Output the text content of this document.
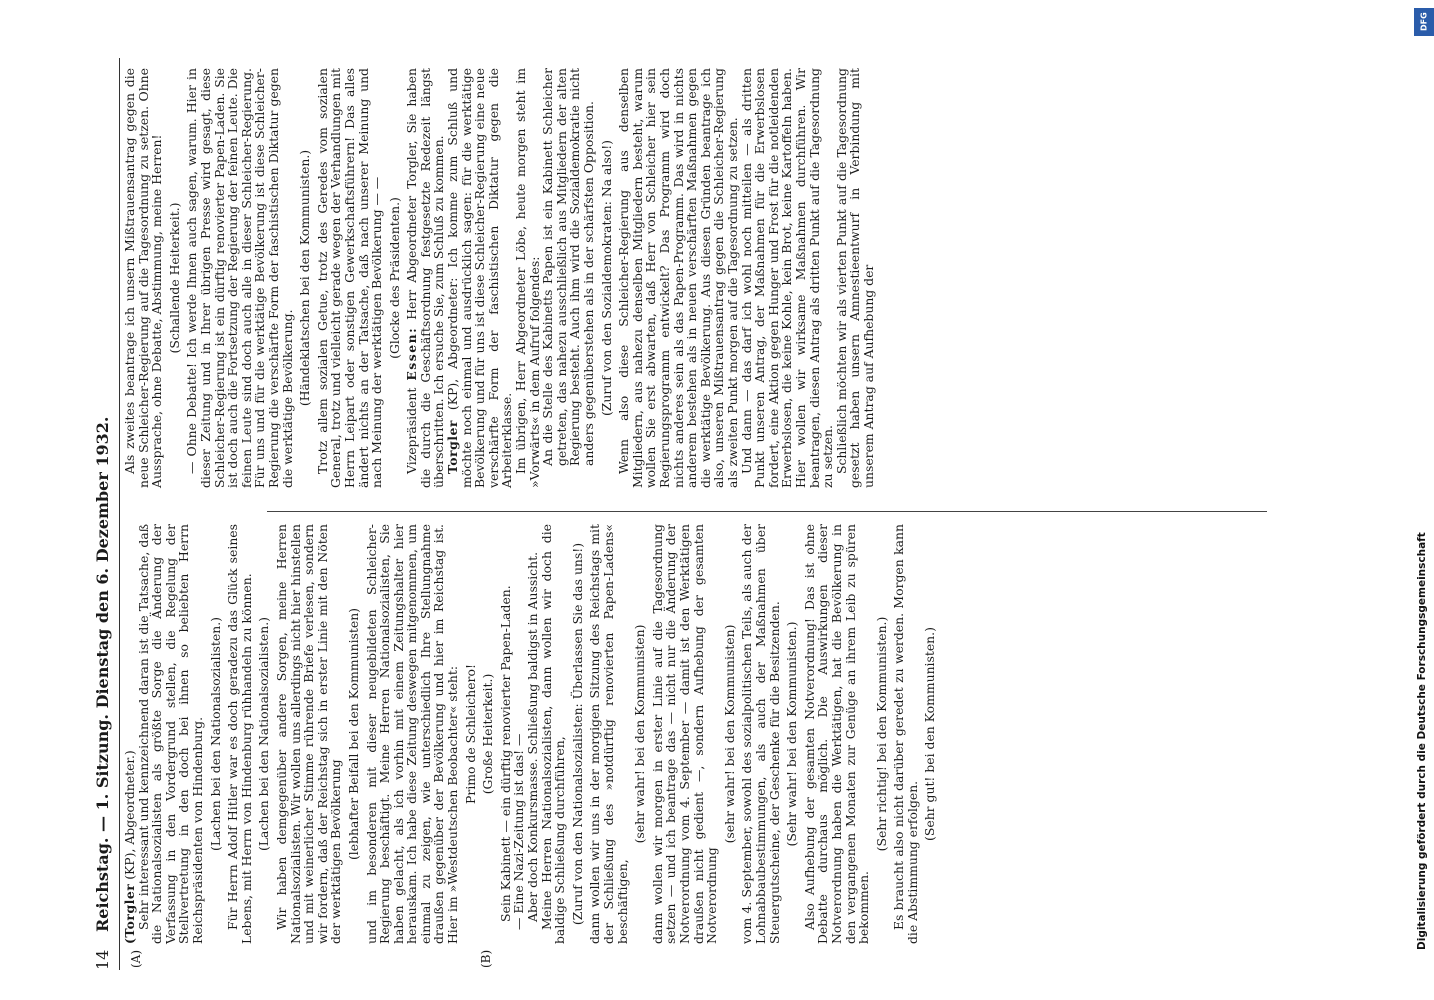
14
Reichstag. — 1. Sitzung. Dienstag den 6. Dezember 1932. (Torgler (KP), Abgeordneter.)

Sehr interessant und kennzeichnend daran ist die Tatsache, daß die Nationalsozialisten als größte Sorge die Änderung der Verfassung in den Vordergrund stellen, die Regelung der Stellvertretung in den doch bei ihnen so beliebten Herrn Reichspräsidenten von Hindenburg. (Lachen bei den Nationalsozialisten.) Für Herrn Adolf Hitler war es doch geradezu das Glück seines Lebens, mit Herrn von Hindenburg rühhandeln zu können. (Lachen bei den Nationalsozialisten.) Wir haben demgegenüber andere Sorgen, meine Herren Nationalsozialisten. Wir wollen uns allerdings nicht hier hinstellen und mit weinerlicher Stimme rührende Briefe verlesen, sondern wir fordern, daß der Reichstag sich in erster Linie mit den Nöten der werktätigen Bevölkerung (lebhafter Beifall bei den Kommunisten) und im besonderen mit dieser neugebildeten Schleicher-Regierung beschäftigt. Meine Herren Nationalsozialisten, Sie haben gelacht, als ich vorhin mit einem Zeitungshalter hier herauskam. Ich habe diese Zeitung deswegen mitgenommen, um einmal zu zeigen, wie unterschiedlich Ihre Stellungnahme draußen gegenüber der Bevölkerung und hier im Reichstag ist. Hier im »Westdeutschen Beobachter« steht: Primo de Schleichero! (Große Heiterkeit.) Sein Kabinett — ein dürftig renovierter Papen-Laden.

— Eine Nazi-Zeitung ist das! —

Aber doch Konkursmasse. Schließung baldigst in Aussicht.

Meine Herren Nationalsozialisten, dann wollen wir doch die baldige Schließung durchführen, (Zuruf von den Nationalsozialisten: Überlassen Sie das uns!) dann wollen wir uns in der morgigen Sitzung des Reichstags mit der Schließung des »notdürftig renovierten Papen-Ladens« beschäftigen,

(sehr wahr! bei den Kommunisten) dann wollen wir morgen in erster Linie auf die Tagesordnung setzen — und ich beantrage das — nicht nur die Änderung der Notverordnung vom 4. September — damit ist den Werktätigen draußen nicht gedient —, sondern Aufhebung der gesamten Notverordnung

(sehr wahr! bei den Kommunisten) vom 4. September, sowohl des sozialpolitischen Teils, als auch der Lohnabbaubestimmungen, als auch der Maßnahmen über Steuergutscheine, der Geschenke für die Besitzenden. (Sehr wahr! bei den Kommunisten.) Also Aufhebung der gesamten Notverordnung! Das ist ohne Debatte durchaus möglich. Die Auswirkungen dieser Notverordnung haben die Werktätigen, hat die Bevölkerung in den vergangenen Monaten zur Genüge an ihrem Leib zu spüren bekommen.

(Sehr richtig! bei den Kommunisten.) Es braucht also nicht darüber geredet zu werden. Morgen kann die Abstimmung erfolgen.

(Sehr gut! bei den Kommunisten.)

Als zweites beantrage ich unsern Mißtrauensantrag gegen die neue Schleicher-Regierung auf die Tagesordnung zu setzen. Ohne Aussprache, ohne Debatte, Abstimmung, meine Herren! (Schallende Heiterkeit.) — Ohne Debatte! Ich werde Ihnen auch sagen, warum. Hier in dieser Zeitung und in Ihrer übrigen Presse wird gesagt, diese Schleicher-Regierung ist ein dürftig renovierter Papen-Laden. Sie ist doch auch die Fortsetzung der Regierung der feinen Leute. Die feinen Leute sind doch auch alle in dieser Schleicher-Regierung. Für uns und für die werktätige Bevölkerung ist diese Schleicher-Regierung die verschärfte Form der faschistischen Diktatur gegen die werktätige Bevölkerung. (Händeklatschen bei den Kommunisten.) Trotz allem sozialen Getue, trotz des Geredes vom sozialen General, trotz und vielleicht gerade wegen der Verhandlungen mit Herrn Leipart oder sonstigen Gewerkschaftsführern! Das alles ändert nichts an der Tatsache, daß nach unserer Meinung und nach Meinung der werktätigen Bevölkerung — — (Glocke des Präsidenten.)

Vizepräsident Essen: Herr Abgeordneter Torgler, Sie haben die durch die Geschäftsordnung festgesetzte Redezeit längst überschritten. Ich ersuche Sie, zum Schluß zu kommen.

Torgler (KP), Abgeordneter: Ich komme zum Schluß und möchte noch einmal und ausdrücklich sagen: für die werktätige Bevölkerung und für uns ist diese Schleicher-Regierung eine neue verschärfte Form der faschistischen Diktatur gegen die Arbeiterklasse.

Im übrigen, Herr Abgeordneter Löbe, heute morgen steht im »Vorwärts« in dem Aufruf folgendes:

An die Stelle des Kabinetts Papen ist ein Kabinett Schleicher getreten, das nahezu ausschließlich aus Mitgliedern der alten Regierung besteht. Auch ihm wird die Sozialdemokratie nicht anders gegenüberstehen als in der schärfsten Opposition. (Zuruf von den Sozialdemokraten: Na also!) Wenn also diese Schleicher-Regierung aus denselben Mitgliedern, aus nahezu denselben Mitgliedern besteht, warum wollen Sie erst abwarten, daß Herr von Schleicher hier sein Regierungsprogramm entwickelt? Das Programm wird doch nichts anderes sein als das Papen-Programm. Das wird in nichts anderem bestehen als in neuen verschärften Maßnahmen gegen die werktätige Bevölkerung. Aus diesen Gründen beantrage ich also, unseren Mißtrauensantrag gegen die Schleicher-Regierung als zweiten Punkt morgen auf die Tagesordnung zu setzen.

Und dann — das darf ich wohl noch mitteilen — als dritten Punkt unseren Antrag, der Maßnahmen für die Erwerbslosen fordert, eine Aktion gegen Hunger und Frost für die notleidenden Erwerbslosen, die keine Kohle, kein Brot, keine Kartoffeln haben. Hier wollen wir wirksame Maßnahmen durchführen. Wir beantragen, diesen Antrag als dritten Punkt auf die Tagesordnung zu setzen.

Schließlich möchten wir als vierten Punkt auf die Tagesordnung gesetzt haben unsern Amnestieentwurf in Verbindung mit unserem Antrag auf Aufhebung der

(A)	(B)
DFG
Digitalisierung gefördert durch die Deutsche Forschungsgemeinschaft
